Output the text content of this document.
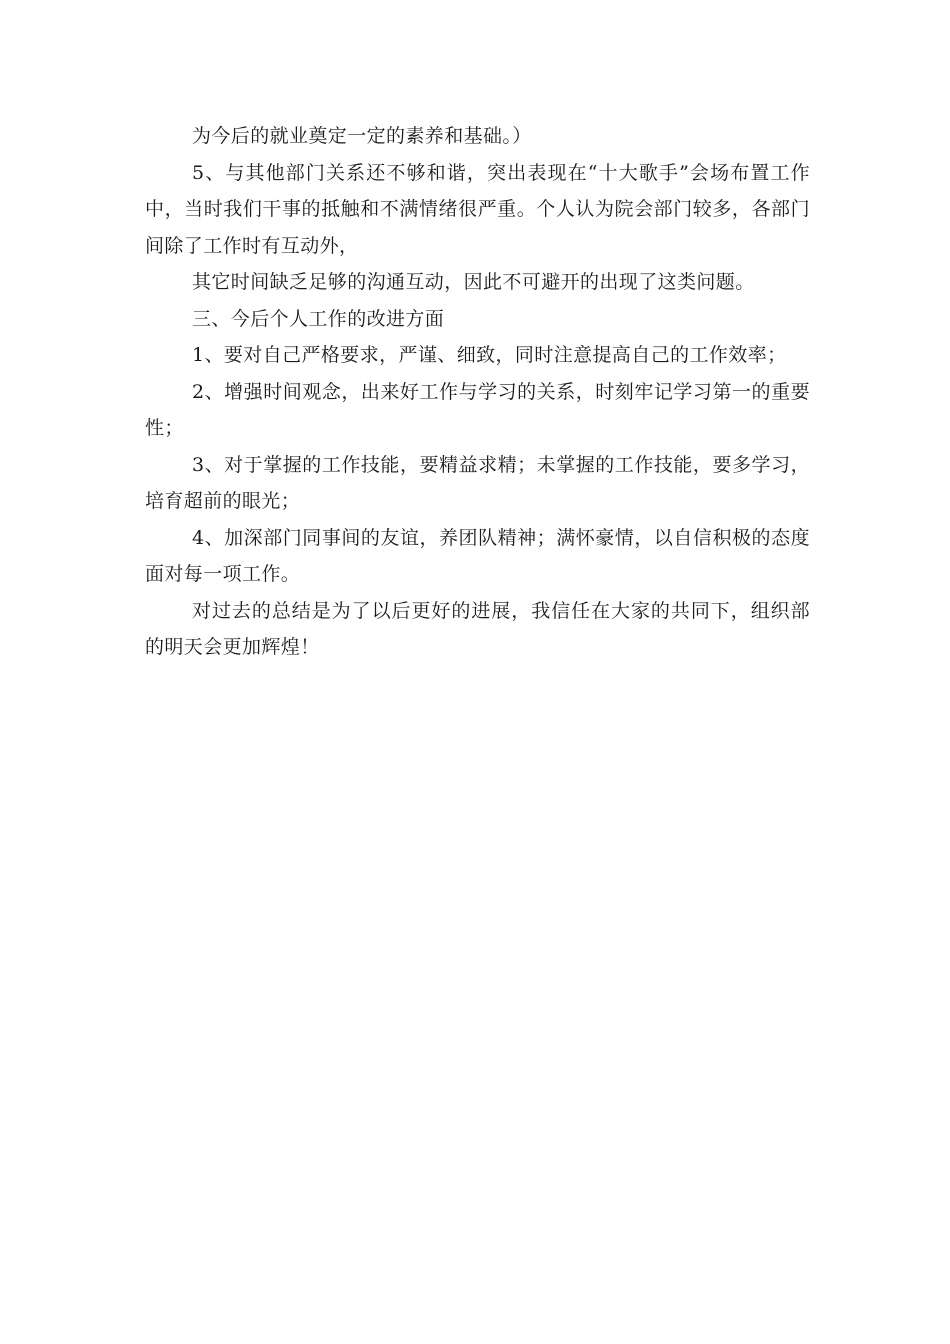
为今后的就业奠定一定的素养和基础。）

5、与其他部门关系还不够和谐，突出表现在“十大歌手”会场布置工作中，当时我们干事的抵触和不满情绪很严重。个人认为院会部门较多，各部门间除了工作时有互动外，

其它时间缺乏足够的沟通互动，因此不可避开的出现了这类问题。

三、今后个人工作的改进方面

1、要对自己严格要求，严谨、细致，同时注意提高自己的工作效率；

2、增强时间观念，出来好工作与学习的关系，时刻牢记学习第一的重要性；

3、对于掌握的工作技能，要精益求精；未掌握的工作技能，要多学习，培育超前的眼光；

4、加深部门同事间的友谊，养团队精神；满怀豪情，以自信积极的态度面对每一项工作。

对过去的总结是为了以后更好的进展，我信任在大家的共同下，组织部的明天会更加辉煌！
